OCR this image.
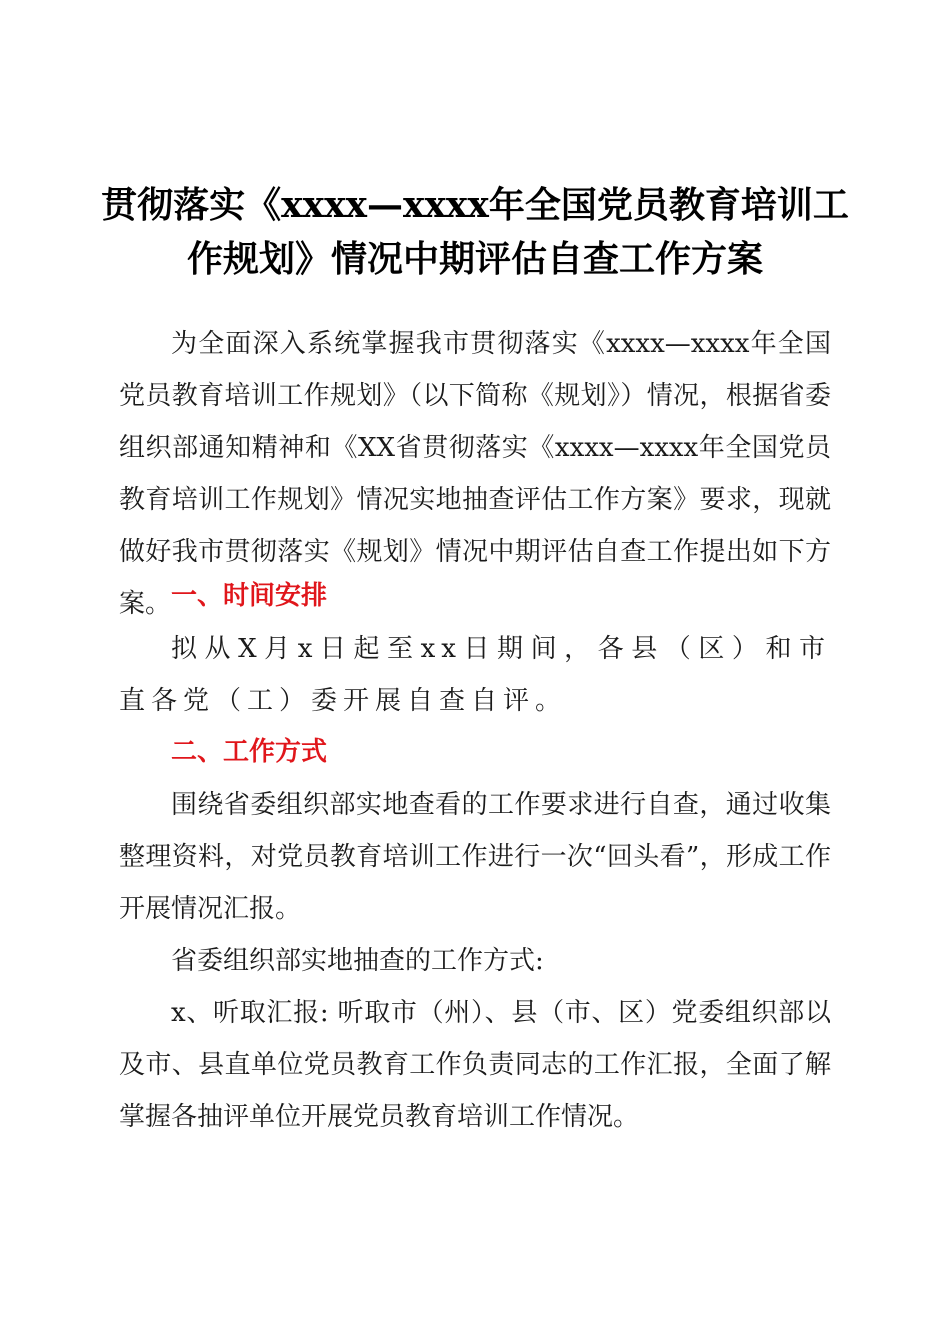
贯彻落实《xxxx—xxxx年全国党员教育培训工作规划》情况中期评估自查工作方案

为全面深入系统掌握我市贯彻落实《xxxx—xxxx年全国党员教育培训工作规划》（以下简称《规划》）情况，根据省委组织部通知精神和《XX省贯彻落实《xxxx—xxxx年全国党员教育培训工作规划》情况实地抽查评估工作方案》要求，现就做好我市贯彻落实《规划》情况中期评估自查工作提出如下方案。 一、时间安排

拟从X月x日起至xx日期间，各县（区）和市直各党（工）委开展自查自评。

二、工作方式

围绕省委组织部实地查看的工作要求进行自查，通过收集整理资料，对党员教育培训工作进行一次“回头看”，形成工作开展情况汇报。

省委组织部实地抽查的工作方式:

x、听取汇报: 听取市（州）、县（市、区）党委组织部以及市、县直单位党员教育工作负责同志的工作汇报，全面了解掌握各抽评单位开展党员教育培训工作情况。
